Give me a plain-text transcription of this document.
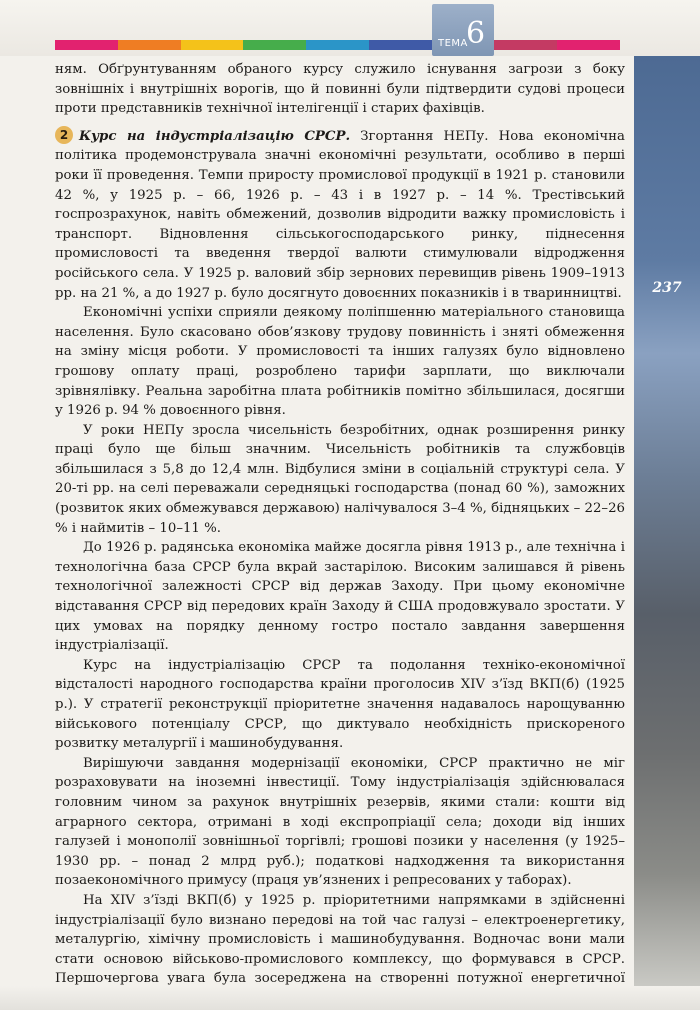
ТЕМА
6
237

ням. Обґрунтуванням обраного курсу служило існування загрози з боку зовнішніх і внутрішніх ворогів, що й повинні були підтвердити судові процеси проти представників технічної інтелігенції і старих фахівців.

2 Курс на індустріалізацію СРСР. Згортання НЕПу. Нова економічна політика продемонструвала значні економічні результати, особливо в перші роки її проведення. Темпи приросту промислової продукції в 1921 р. становили 42 %, у 1925 р. – 66, 1926 р. – 43 і в 1927 р. – 14 %. Трестівський госпрозрахунок, навіть обмежений, дозволив відродити важку промисловість і транспорт. Відновлення сільськогосподарського ринку, піднесення промисловості та введення твердої валюти стимулювали відродження російського села. У 1925 р. валовий збір зернових перевищив рівень 1909–1913 рр. на 21 %, а до 1927 р. було досягнуто довоєнних показників і в тваринництві.

Економічні успіхи сприяли деякому поліпшенню матеріального становища населення. Було скасовано обов’язкову трудову повинність і зняті обмеження на зміну місця роботи. У промисловості та інших галузях було відновлено грошову оплату праці, розроблено тарифи зарплати, що виключали зрівнялівку. Реальна заробітна плата робітників помітно збільшилася, досягши у 1926 р. 94 % довоєнного рівня.

У роки НЕПу зросла чисельність безробітних, однак розширення ринку праці було ще більш значним. Чисельність робітників та службовців збільшилася з 5,8 до 12,4 млн. Відбулися зміни в соціальній структурі села. У 20-ті рр. на селі переважали середняцькі господарства (понад 60 %), заможних (розвиток яких обмежувався державою) налічувалося 3–4 %, бідняцьких – 22–26 % і наймитів – 10–11 %.

До 1926 р. радянська економіка майже досягла рівня 1913 р., але технічна і технологічна база СРСР була вкрай застарілою. Високим залишався й рівень технологічної залежності СРСР від держав Заходу. При цьому економічне відставання СРСР від передових країн Заходу й США продовжувало зростати. У цих умовах на порядку денному гостро постало завдання завершення індустріалізації.

Курс на індустріалізацію СРСР та подолання техніко-економічної відсталості народного господарства країни проголосив XIV з’їзд ВКП(б) (1925 р.). У стратегії реконструкції пріоритетне значення надавалось нарощуванню військового потенціалу СРСР, що диктувало необхідність прискореного розвитку металургії і машинобудування.

Вирішуючи завдання модернізації економіки, СРСР практично не міг розраховувати на іноземні інвестиції. Тому індустріалізація здійснювалася головним чином за рахунок внутрішніх резервів, якими стали: кошти від аграрного сектора, отримані в ході експропріації села; доходи від інших галузей і монополії зовнішньої торгівлі; грошові позики у населення (у 1925–1930 рр. – понад 2 млрд руб.); податкові надходження та використання позаекономічного примусу (праця ув’язнених і репресованих у таборах).

На XIV з’їзді ВКП(б) у 1925 р. пріоритетними напрямками в здійсненні індустріалізації було визнано передові на той час галузі – електроенергетику, металургію, хімічну промисловість і машинобудування. Водночас вони мали стати основою військово-промислового комплексу, що формувався в СРСР. Першочергова увага була зосереджена на створенні потужної енергетичної
